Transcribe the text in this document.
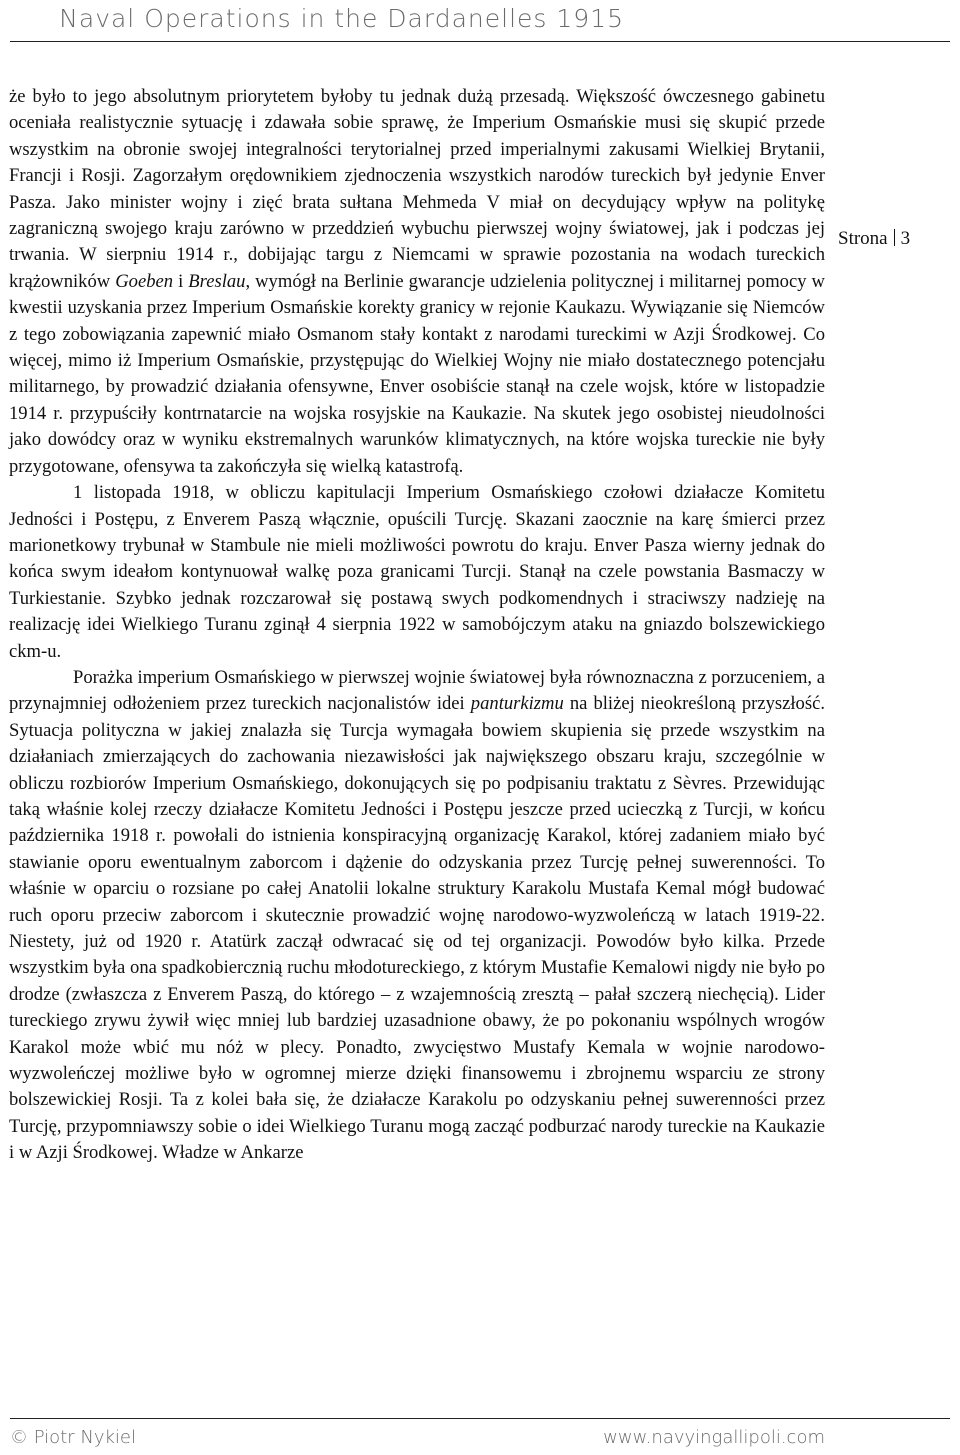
Naval Operations in the Dardanelles 1915
Strona 3

że było to jego absolutnym priorytetem byłoby tu jednak dużą przesadą. Większość ówczesnego gabinetu oceniała realistycznie sytuację i zdawała sobie sprawę, że Imperium Osmańskie musi się skupić przede wszystkim na obronie swojej integralności terytorialnej przed imperialnymi zakusami Wielkiej Brytanii, Francji i Rosji. Zagorzałym orędownikiem zjednoczenia wszystkich narodów tureckich był jedynie Enver Pasza. Jako minister wojny i zięć brata sułtana Mehmeda V miał on decydujący wpływ na politykę zagraniczną swojego kraju zarówno w przeddzień wybuchu pierwszej wojny światowej, jak i podczas jej trwania. W sierpniu 1914 r., dobijając targu z Niemcami w sprawie pozostania na wodach tureckich krążowników Goeben i Breslau, wymógł na Berlinie gwarancje udzielenia politycznej i militarnej pomocy w kwestii uzyskania przez Imperium Osmańskie korekty granicy w rejonie Kaukazu. Wywiązanie się Niemców z tego zobowiązania zapewnić miało Osmanom stały kontakt z narodami tureckimi w Azji Środkowej. Co więcej, mimo iż Imperium Osmańskie, przystępując do Wielkiej Wojny nie miało dostatecznego potencjału militarnego, by prowadzić działania ofensywne, Enver osobiście stanął na czele wojsk, które w listopadzie 1914 r. przypuściły kontrnatarcie na wojska rosyjskie na Kaukazie. Na skutek jego osobistej nieudolności jako dowódcy oraz w wyniku ekstremalnych warunków klimatycznych, na które wojska tureckie nie były przygotowane, ofensywa ta zakończyła się wielką katastrofą.

1 listopada 1918, w obliczu kapitulacji Imperium Osmańskiego czołowi działacze Komitetu Jedności i Postępu, z Enverem Paszą włącznie, opuścili Turcję. Skazani zaocznie na karę śmierci przez marionetkowy trybunał w Stambule nie mieli możliwości powrotu do kraju. Enver Pasza wierny jednak do końca swym ideałom kontynuował walkę poza granicami Turcji. Stanął na czele powstania Basmaczy w Turkiestanie. Szybko jednak rozczarował się postawą swych podkomendnych i straciwszy nadzieję na realizację idei Wielkiego Turanu zginął 4 sierpnia 1922 w samobójczym ataku na gniazdo bolszewickiego ckm-u.

Porażka imperium Osmańskiego w pierwszej wojnie światowej była równoznaczna z porzuceniem, a przynajmniej odłożeniem przez tureckich nacjonalistów idei panturkizmu na bliżej nieokreśloną przyszłość. Sytuacja polityczna w jakiej znalazła się Turcja wymagała bowiem skupienia się przede wszystkim na działaniach zmierzających do zachowania niezawisłości jak największego obszaru kraju, szczególnie w obliczu rozbiorów Imperium Osmańskiego, dokonujących się po podpisaniu traktatu z Sèvres. Przewidując taką właśnie kolej rzeczy działacze Komitetu Jedności i Postępu jeszcze przed ucieczką z Turcji, w końcu października 1918 r. powołali do istnienia konspiracyjną organizację Karakol, której zadaniem miało być stawianie oporu ewentualnym zaborcom i dążenie do odzyskania przez Turcję pełnej suwerenności. To właśnie w oparciu o rozsiane po całej Anatolii lokalne struktury Karakolu Mustafa Kemal mógł budować ruch oporu przeciw zaborcom i skutecznie prowadzić wojnę narodowo-wyzwoleńczą w latach 1919-22. Niestety, już od 1920 r. Atatürk zaczął odwracać się od tej organizacji. Powodów było kilka. Przede wszystkim była ona spadkobiercznią ruchu młodotureckiego, z którym Mustafie Kemalowi nigdy nie było po drodze (zwłaszcza z Enverem Paszą, do którego – z wzajemnością zresztą – pałał szczerą niechęcią). Lider tureckiego zrywu żywił więc mniej lub bardziej uzasadnione obawy, że po pokonaniu wspólnych wrogów Karakol może wbić mu nóż w plecy. Ponadto, zwycięstwo Mustafy Kemala w wojnie narodowo-wyzwoleńczej możliwe było w ogromnej mierze dzięki finansowemu i zbrojnemu wsparciu ze strony bolszewickiej Rosji. Ta z kolei bała się, że działacze Karakolu po odzyskaniu pełnej suwerenności przez Turcję, przypomniawszy sobie o idei Wielkiego Turanu mogą zacząć podburzać narody tureckie na Kaukazie i w Azji Środkowej. Władze w Ankarze

© Piotr Nykiel	www.navyingallipoli.com
